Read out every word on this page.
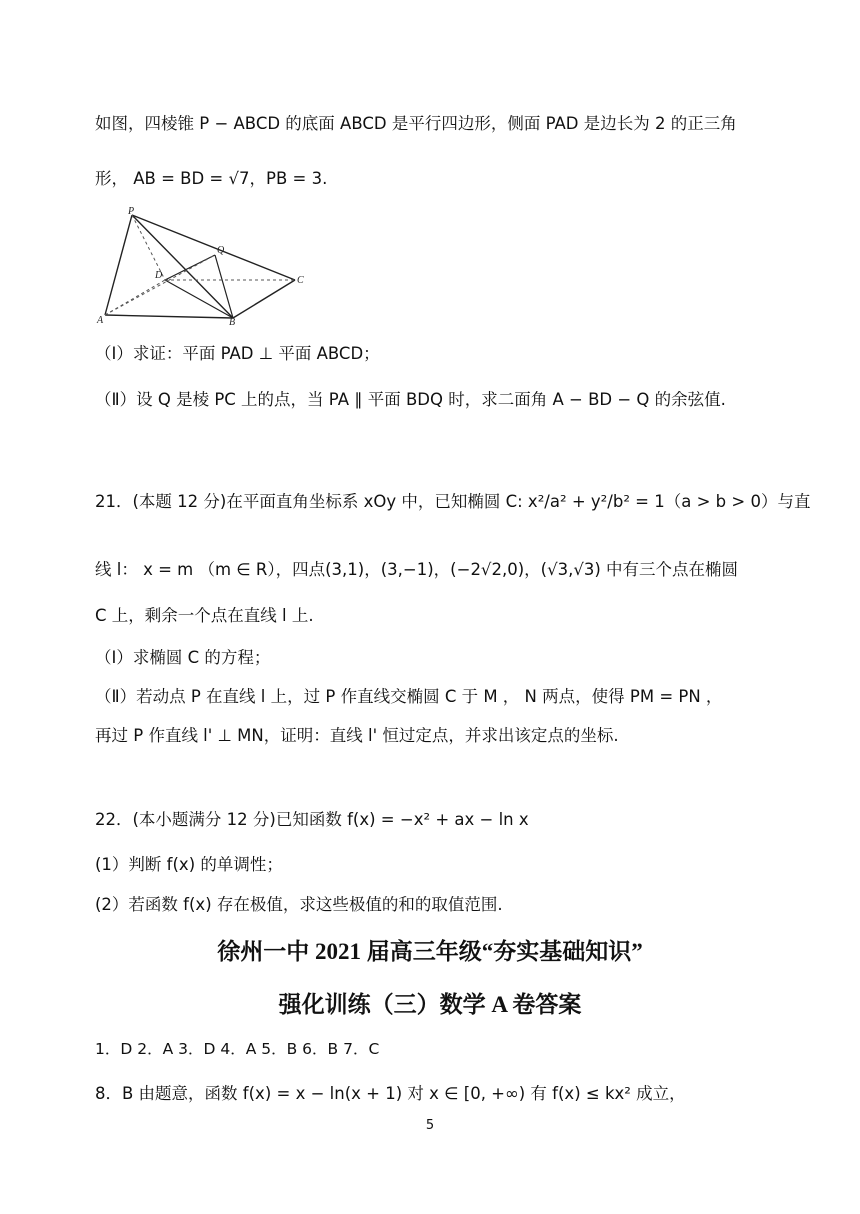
如图，四棱锥 P − ABCD 的底面 ABCD 是平行四边形，侧面 PAD 是边长为 2 的正三角
形， AB = BD = √7，PB = 3.
P
Q
D	C
A	B
（Ⅰ）求证：平面 PAD ⊥ 平面 ABCD；
（Ⅱ）设 Q 是棱 PC 上的点，当 PA ∥ 平面 BDQ 时，求二面角 A − BD − Q 的余弦值.
21．(本题 12 分)在平面直角坐标系 xOy 中，已知椭圆 C: x²/a² + y²/b² = 1（a > b > 0）与直
线 l： x = m （m ∈ R），四点(3,1)，(3,−1)，(−2√2,0)，(√3,√3) 中有三个点在椭圆
C 上，剩余一个点在直线 l 上.
（Ⅰ）求椭圆 C 的方程；
（Ⅱ）若动点 P 在直线 l 上，过 P 作直线交椭圆 C 于 M ， N 两点，使得 PM = PN ，
再过 P 作直线 l' ⊥ MN，证明：直线 l' 恒过定点，并求出该定点的坐标.
22．(本小题满分 12 分)已知函数 f(x) = −x² + ax − ln x
(1）判断 f(x) 的单调性；
(2）若函数 f(x) 存在极值，求这些极值的和的取值范围.
徐州一中 2021 届高三年级“夯实基础知识”
强化训练（三）数学 A 卷答案
1．D 2．A 3．D 4．A 5．B 6．B 7．C
8．B 由题意，函数 f(x) = x − ln(x + 1) 对 x ∈ [0, +∞) 有 f(x) ≤ kx² 成立，
5
